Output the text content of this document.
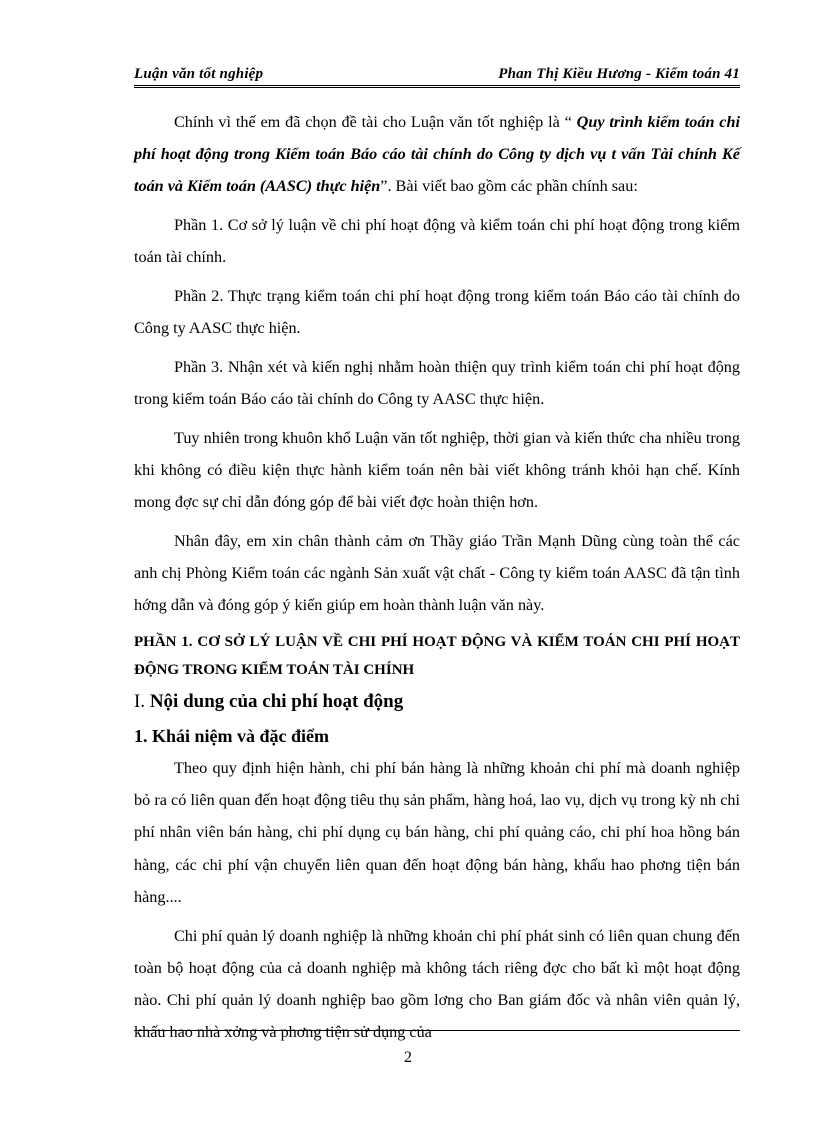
Luận văn tốt nghiệp	Phan Thị Kiều Hương - Kiểm toán 41

Chính vì thế em đã chọn đề tài cho Luận văn tốt nghiệp là “ Quy trình kiểm toán chi phí hoạt động trong Kiểm toán Báo cáo tài chính do Công ty dịch vụ t vấn Tài chính Kế toán và Kiểm toán (AASC) thực hiện”. Bài viết bao gồm các phần chính sau:

Phần 1. Cơ sở lý luận về chi phí hoạt động và kiểm toán chi phí hoạt động trong kiểm toán tài chính.

Phần 2. Thực trạng kiểm toán chi phí hoạt động trong kiểm toán Báo cáo tài chính do Công ty AASC thực hiện.

Phần 3. Nhận xét và kiến nghị nhằm hoàn thiện quy trình kiểm toán chi phí hoạt động trong kiểm toán Báo cáo tài chính do Công ty AASC thực hiện.

Tuy nhiên trong khuôn khổ Luận văn tốt nghiệp, thời gian và kiến thức cha nhiều trong khi không có điều kiện thực hành kiểm toán nên bài viết không tránh khỏi hạn chế. Kính mong đợc sự chỉ dẫn đóng góp để bài viết đợc hoàn thiện hơn.

Nhân đây, em xin chân thành cảm ơn Thầy giáo Trần Mạnh Dũng cùng toàn thể các anh chị Phòng Kiểm toán các ngành Sản xuất vật chất - Công ty kiểm toán AASC đã tận tình hớng dẫn và đóng góp ý kiến giúp em hoàn thành luận văn này.

PHẦN 1. CƠ SỞ LÝ LUẬN VỀ CHI PHÍ HOẠT ĐỘNG VÀ KIỂM TOÁN CHI PHÍ HOẠT ĐỘNG TRONG KIỂM TOÁN TÀI CHÍNH

I. Nội dung của chi phí hoạt động

1. Khái niệm và đặc điểm

Theo quy định hiện hành, chi phí bán hàng là những khoản chi phí mà doanh nghiệp bỏ ra có liên quan đến hoạt động tiêu thụ sản phẩm, hàng hoá, lao vụ, dịch vụ trong kỳ nh chi phí nhân viên bán hàng, chi phí dụng cụ bán hàng, chi phí quảng cáo, chi phí hoa hồng bán hàng, các chi phí vận chuyển liên quan đến hoạt động bán hàng, khấu hao phơng tiện bán hàng....

Chi phí quản lý doanh nghiệp là những khoản chi phí phát sinh có liên quan chung đến toàn bộ hoạt động của cả doanh nghiệp mà không tách riêng đợc cho bất kì một hoạt động nào. Chi phí quản lý doanh nghiệp bao gồm lơng cho Ban giám đốc và nhân viên quản lý, khấu hao nhà xởng và phơng tiện sử dụng của

2
